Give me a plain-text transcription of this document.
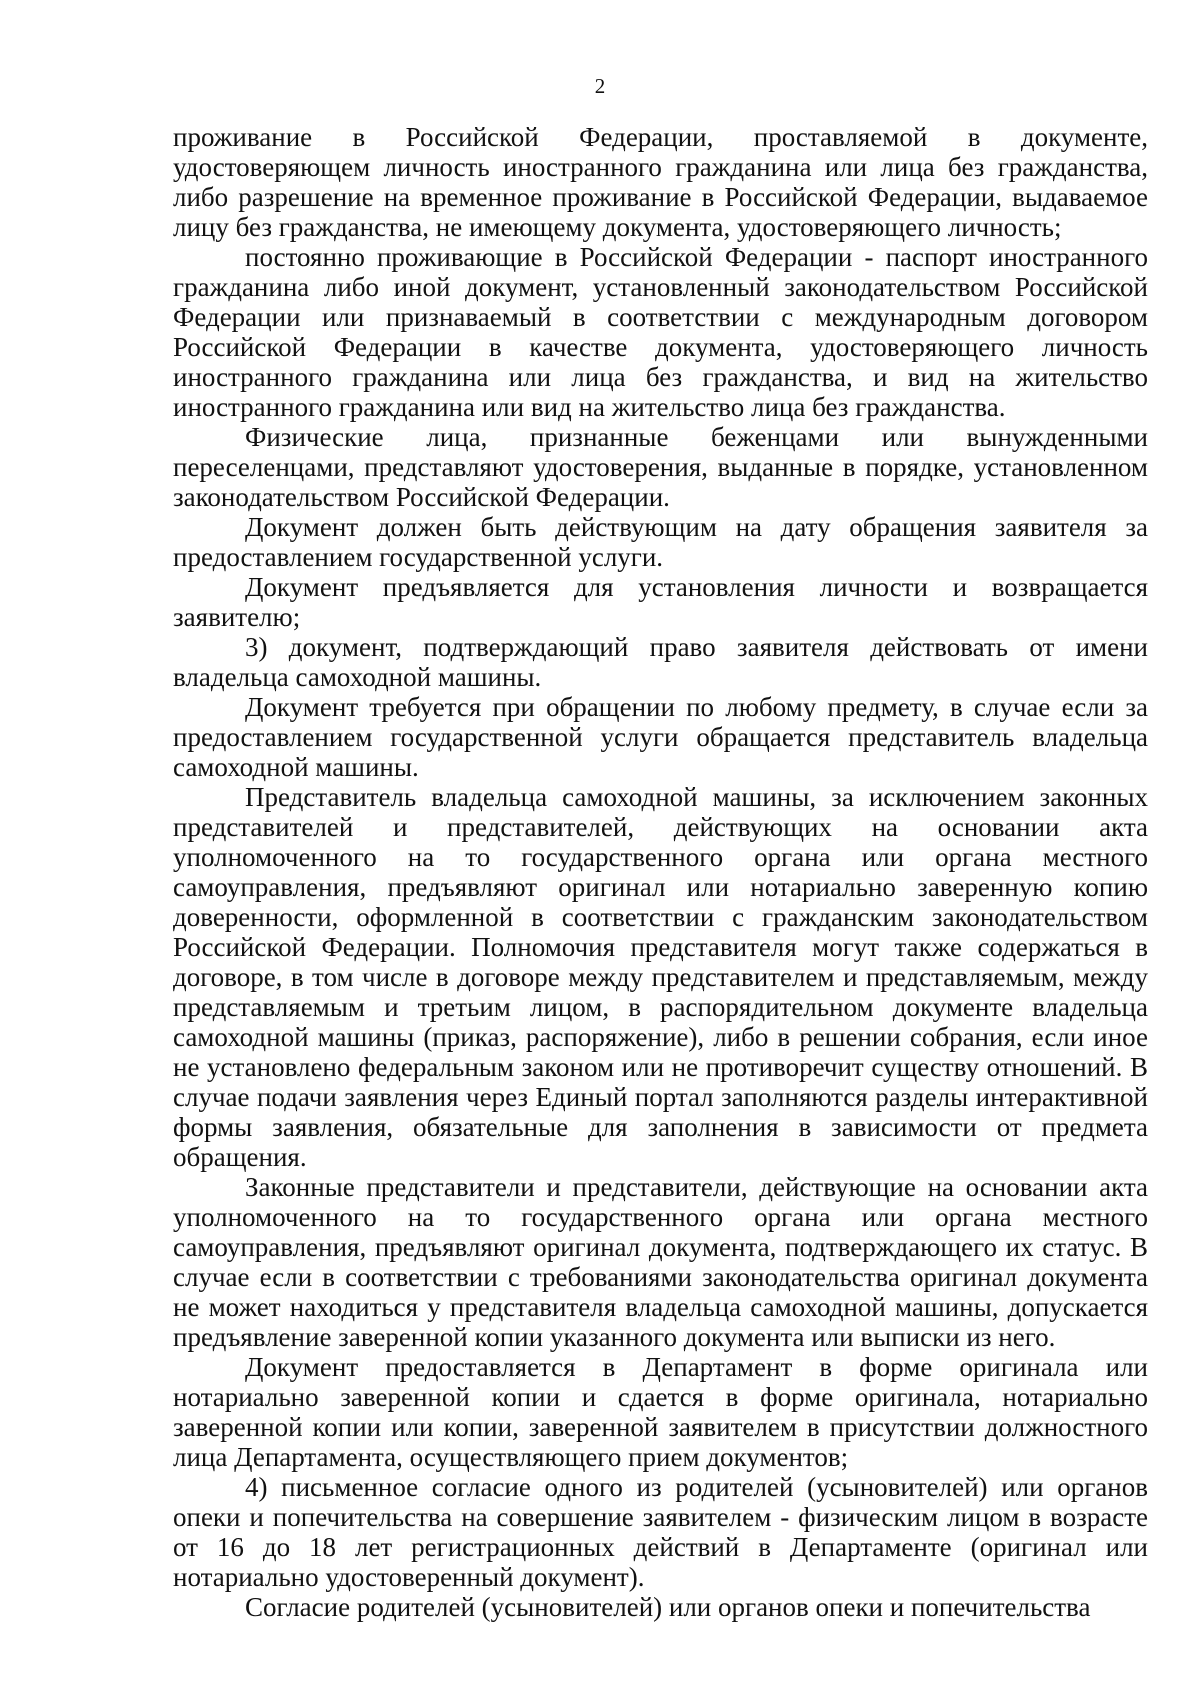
2

проживание в Российской Федерации, проставляемой в документе, удостоверяющем личность иностранного гражданина или лица без гражданства, либо разрешение на временное проживание в Российской Федерации, выдаваемое лицу без гражданства, не имеющему документа, удостоверяющего личность;

постоянно проживающие в Российской Федерации - паспорт иностранного гражданина либо иной документ, установленный законодательством Российской Федерации или признаваемый в соответствии с международным договором Российской Федерации в качестве документа, удостоверяющего личность иностранного гражданина или лица без гражданства, и вид на жительство иностранного гражданина или вид на жительство лица без гражданства.

Физические лица, признанные беженцами или вынужденными переселенцами, представляют удостоверения, выданные в порядке, установленном законодательством Российской Федерации.

Документ должен быть действующим на дату обращения заявителя за предоставлением государственной услуги.

Документ предъявляется для установления личности и возвращается заявителю;

3) документ, подтверждающий право заявителя действовать от имени владельца самоходной машины.

Документ требуется при обращении по любому предмету, в случае если за предоставлением государственной услуги обращается представитель владельца самоходной машины.

Представитель владельца самоходной машины, за исключением законных представителей и представителей, действующих на основании акта уполномоченного на то государственного органа или органа местного самоуправления, предъявляют оригинал или нотариально заверенную копию доверенности, оформленной в соответствии с гражданским законодательством Российской Федерации. Полномочия представителя могут также содержаться в договоре, в том числе в договоре между представителем и представляемым, между представляемым и третьим лицом, в распорядительном документе владельца самоходной машины (приказ, распоряжение), либо в решении собрания, если иное не установлено федеральным законом или не противоречит существу отношений. В случае подачи заявления через Единый портал заполняются разделы интерактивной формы заявления, обязательные для заполнения в зависимости от предмета обращения.

Законные представители и представители, действующие на основании акта уполномоченного на то государственного органа или органа местного самоуправления, предъявляют оригинал документа, подтверждающего их статус. В случае если в соответствии с требованиями законодательства оригинал документа не может находиться у представителя владельца самоходной машины, допускается предъявление заверенной копии указанного документа или выписки из него.

Документ предоставляется в Департамент в форме оригинала или нотариально заверенной копии и сдается в форме оригинала, нотариально заверенной копии или копии, заверенной заявителем в присутствии должностного лица Департамента, осуществляющего прием документов;

4) письменное согласие одного из родителей (усыновителей) или органов опеки и попечительства на совершение заявителем - физическим лицом в возрасте от 16 до 18 лет регистрационных действий в Департаменте (оригинал или нотариально удостоверенный документ).

Согласие родителей (усыновителей) или органов опеки и попечительства
